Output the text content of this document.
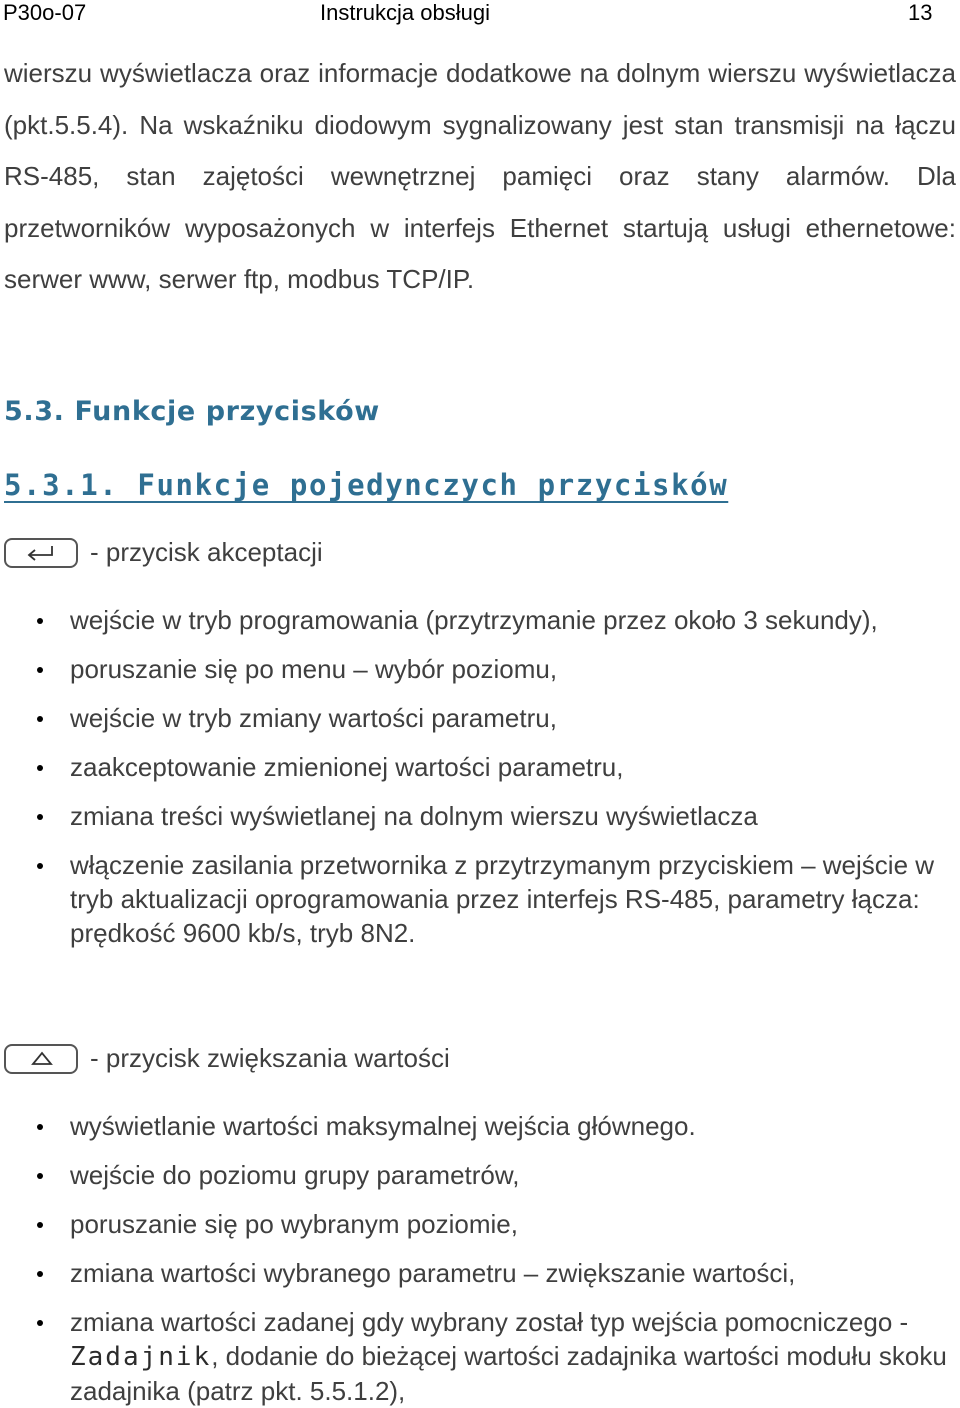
P30o-07	Instrukcja obsługi	13
wierszu wyświetlacza oraz informacje dodatkowe na dolnym wierszu wyświetlacza (pkt.5.5.4). Na wskaźniku diodowym sygnalizowany jest stan transmisji na łączu RS-485, stan zajętości wewnętrznej pamięci oraz stany alarmów. Dla przetworników wyposażonych w interfejs Ethernet startują usługi ethernetowe: serwer www, serwer ftp, modbus TCP/IP.
5.3. Funkcje przycisków
5.3.1. Funkcje pojedynczych przycisków
- przycisk akceptacji
wejście w tryb programowania (przytrzymanie przez około 3 sekundy),
poruszanie się po menu – wybór poziomu,
wejście w tryb zmiany wartości parametru,
zaakceptowanie zmienionej wartości parametru,
zmiana treści wyświetlanej na dolnym wierszu wyświetlacza
włączenie zasilania przetwornika z przytrzymanym przyciskiem – wejście w tryb aktualizacji oprogramowania przez interfejs RS-485, parametry łącza: prędkość 9600 kb/s, tryb 8N2.
- przycisk zwiększania wartości
wyświetlanie wartości maksymalnej wejścia głównego.
wejście do poziomu grupy parametrów,
poruszanie się po wybranym poziomie,
zmiana wartości wybranego parametru – zwiększanie wartości,
zmiana wartości zadanej gdy wybrany został typ wejścia pomocniczego - Zadajnik, dodanie do bieżącej wartości zadajnika wartości modułu skoku zadajnika (patrz pkt. 5.5.1.2),
